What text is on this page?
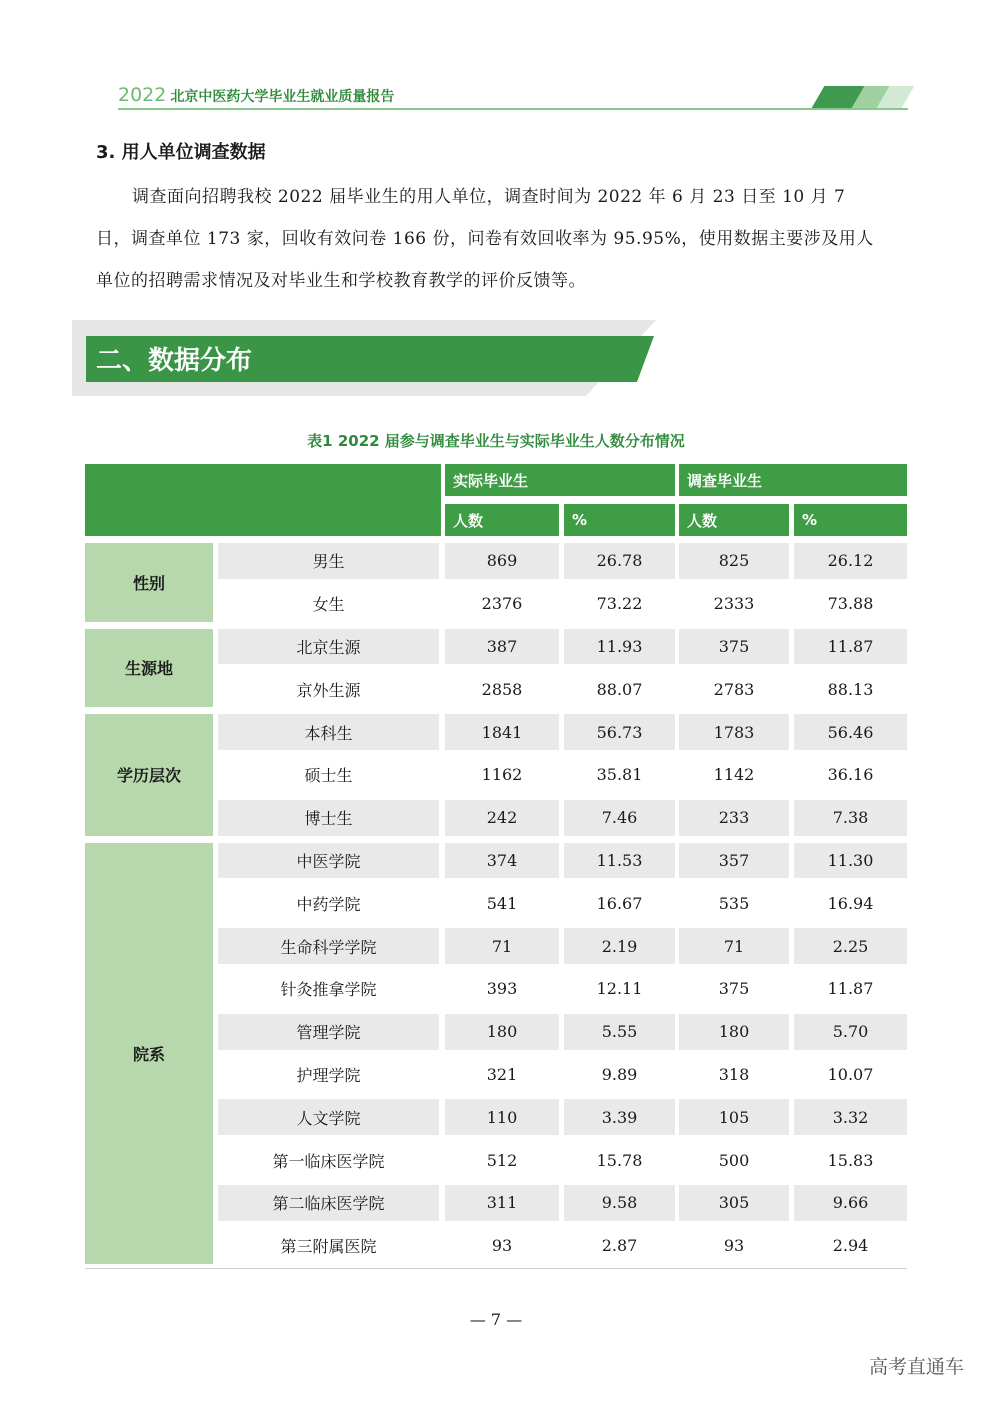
2022 北京中医药大学毕业生就业质量报告
3. 用人单位调查数据
调查面向招聘我校 2022 届毕业生的用人单位，调查时间为 2022 年 6 月 23 日至 10 月 7 日，调查单位 173 家，回收有效问卷 166 份，问卷有效回收率为 95.95%，使用数据主要涉及用人单位的招聘需求情况及对毕业生和学校教育教学的评价反馈等。
二、数据分布
表1 2022 届参与调查毕业生与实际毕业生人数分布情况
实际毕业生	调查毕业生
人数	%	人数	%
性别
男生	869	26.78	825	26.12
女生	2376	73.22	2333	73.88
生源地
北京生源	387	11.93	375	11.87
京外生源	2858	88.07	2783	88.13
学历层次
本科生	1841	56.73	1783	56.46
硕士生	1162	35.81	1142	36.16
博士生	242	7.46	233	7.38
院系
中医学院	374	11.53	357	11.30
中药学院	541	16.67	535	16.94
生命科学学院	71	2.19	71	2.25
针灸推拿学院	393	12.11	375	11.87
管理学院	180	5.55	180	5.70
护理学院	321	9.89	318	10.07
人文学院	110	3.39	105	3.32
第一临床医学院	512	15.78	500	15.83
第二临床医学院	311	9.58	305	9.66
第三附属医院	93	2.87	93	2.94
— 7 —
高考直通车
